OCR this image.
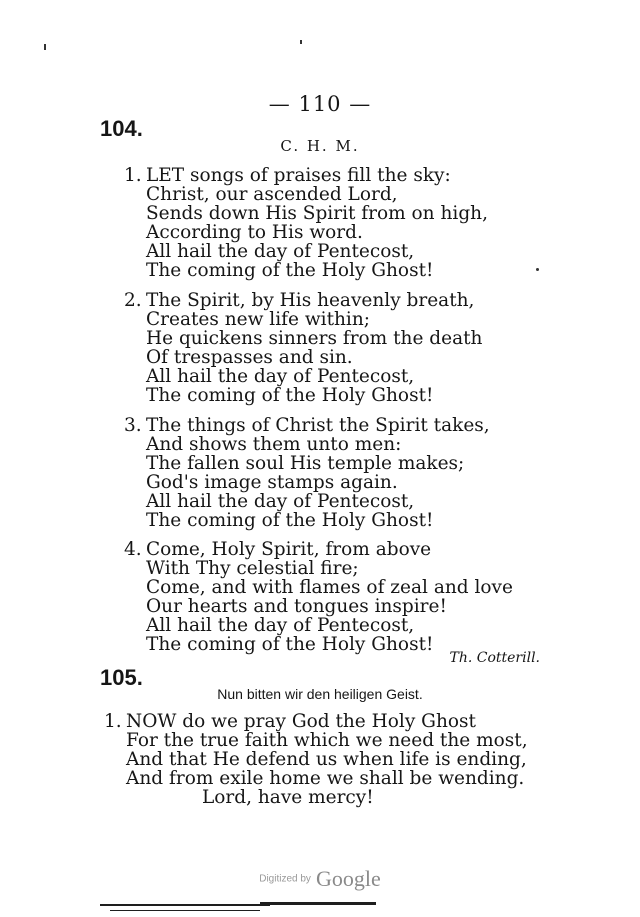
— 110 —
104.
C. H. M.
1. LET songs of praises fill the sky:
Christ, our ascended Lord,
Sends down His Spirit from on high,
According to His word.
All hail the day of Pentecost,
The coming of the Holy Ghost!
2. The Spirit, by His heavenly breath,
Creates new life within;
He quickens sinners from the death
Of trespasses and sin.
All hail the day of Pentecost,
The coming of the Holy Ghost!
3. The things of Christ the Spirit takes,
And shows them unto men:
The fallen soul His temple makes;
God's image stamps again.
All hail the day of Pentecost,
The coming of the Holy Ghost!
4. Come, Holy Spirit, from above
With Thy celestial fire;
Come, and with flames of zeal and love
Our hearts and tongues inspire!
All hail the day of Pentecost,
The coming of the Holy Ghost!
Th. Cotterill.
105.
Nun bitten wir den heiligen Geist.
1. NOW do we pray God the Holy Ghost
For the true faith which we need the most,
And that He defend us when life is ending,
And from exile home we shall be wending.
Lord, have mercy!
Digitized by Google
